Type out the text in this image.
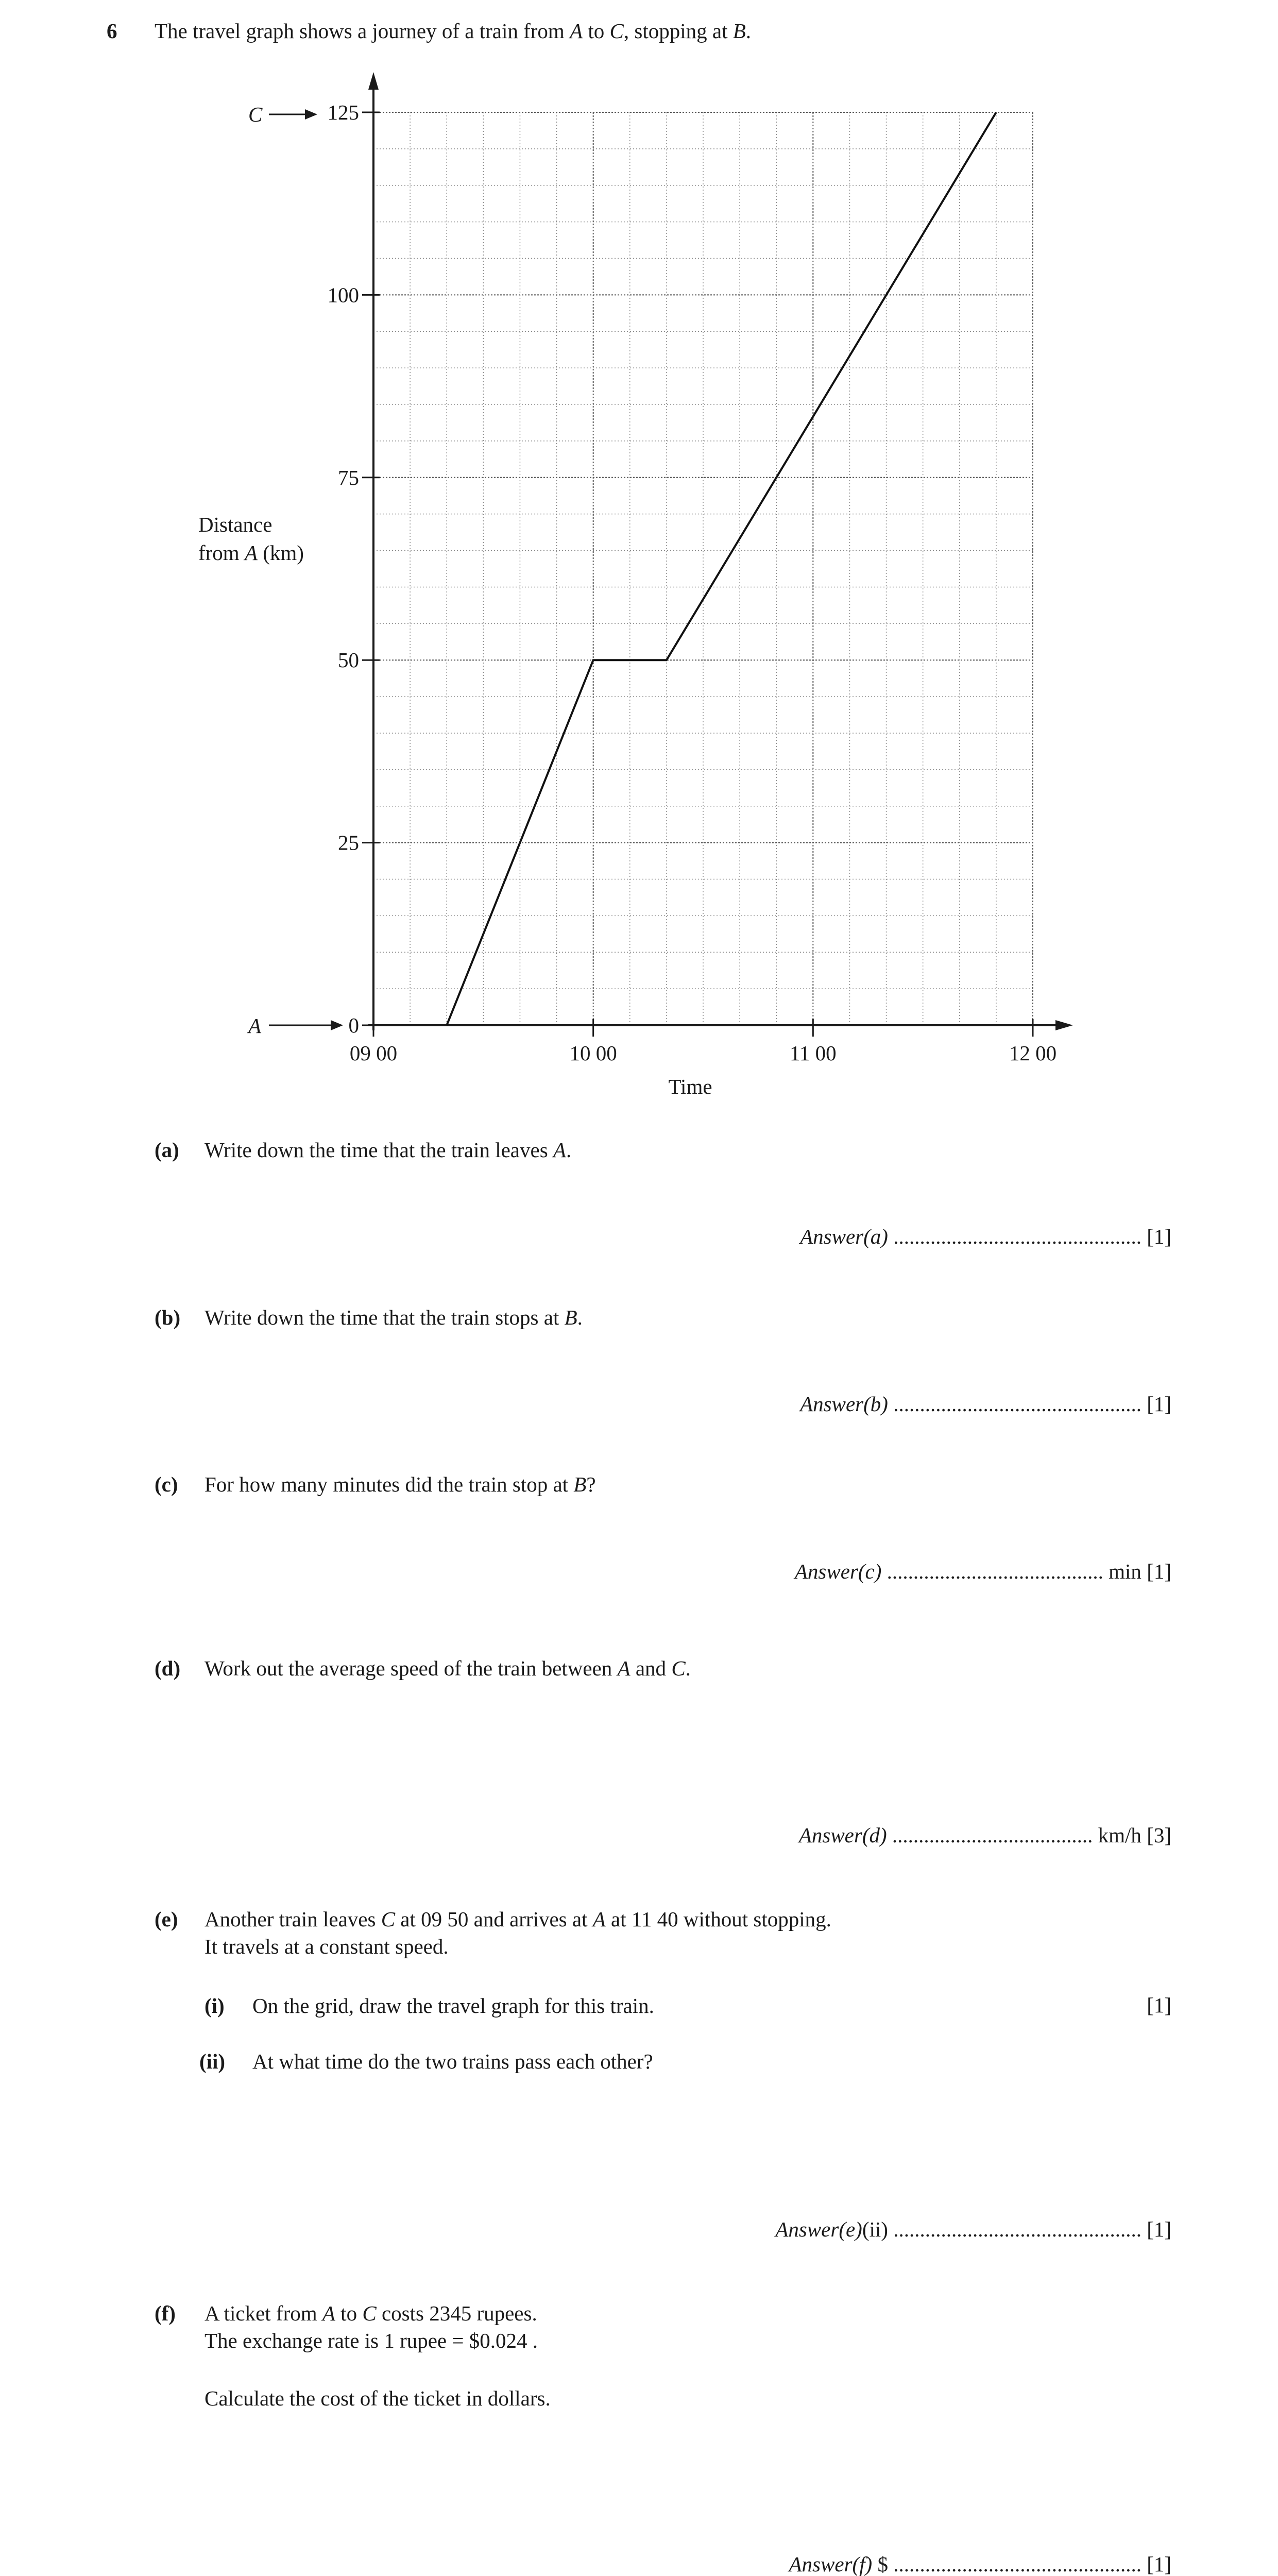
6 The travel graph shows a journey of a train from A to C, stopping at B.
0
25
50
75
100
125
09 00	10 00	11 00	12 00
Distance
from A (km)
Time
C
A
(a) Write down the time that the train leaves A.
Answer(a) ............................................... [1]
(b) Write down the time that the train stops at B.
Answer(b) ............................................... [1]
(c) For how many minutes did the train stop at B?
Answer(c) ......................................... min [1]
(d) Work out the average speed of the train between A and C.
Answer(d) ...................................... km/h [3]
(e) Another train leaves C at 09 50 and arrives at A at 11 40 without stopping.
It travels at a constant speed.
(i) On the grid, draw the travel graph for this train.	[1]
(ii) At what time do the two trains pass each other?
Answer(e)(ii) ............................................... [1]
(f) A ticket from A to C costs 2345 rupees.
The exchange rate is 1 rupee = $0.024 .
Calculate the cost of the ticket in dollars.
Answer(f) $ ............................................... [1]
